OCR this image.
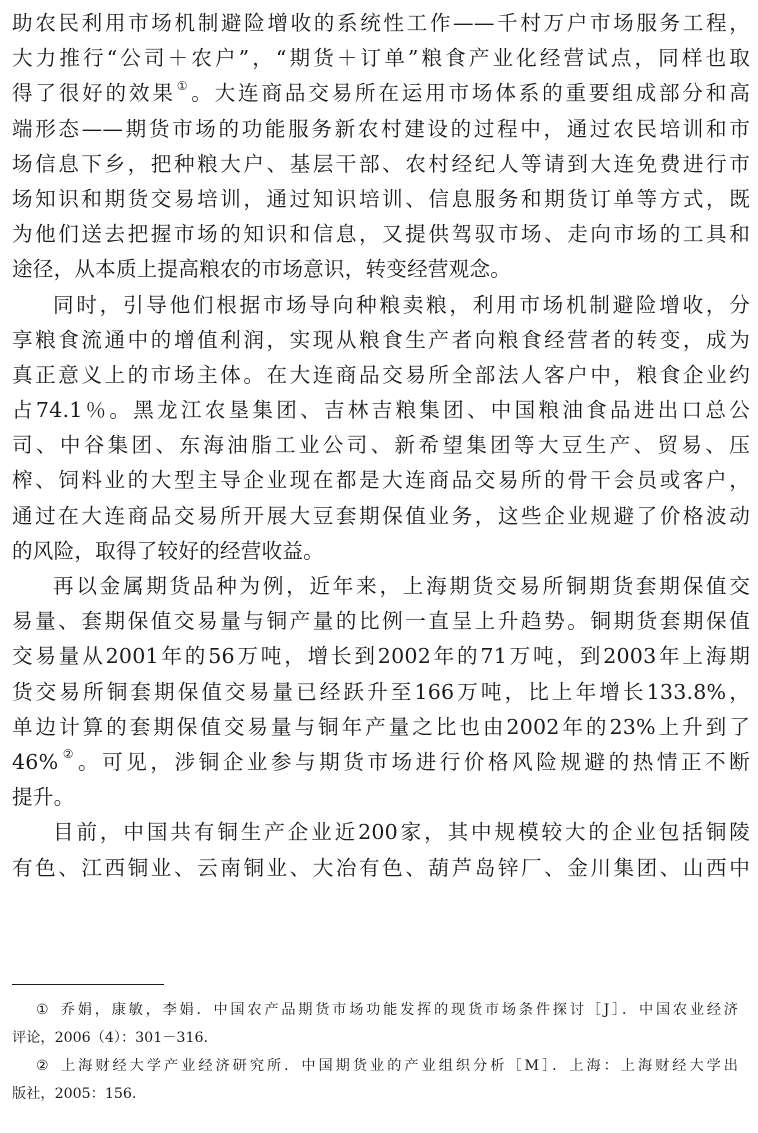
助农民利用市场机制避险增收的系统性工作——千村万户市场服务工程，
大力推行“公司＋农户”，“期货＋订单”粮食产业化经营试点，同样也取
得了很好的效果①。大连商品交易所在运用市场体系的重要组成部分和高
端形态——期货市场的功能服务新农村建设的过程中，通过农民培训和市
场信息下乡，把种粮大户、基层干部、农村经纪人等请到大连免费进行市
场知识和期货交易培训，通过知识培训、信息服务和期货订单等方式，既
为他们送去把握市场的知识和信息，又提供驾驭市场、走向市场的工具和
途径，从本质上提高粮农的市场意识，转变经营观念。
同时，引导他们根据市场导向种粮卖粮，利用市场机制避险增收，分
享粮食流通中的增值利润，实现从粮食生产者向粮食经营者的转变，成为
真正意义上的市场主体。在大连商品交易所全部法人客户中，粮食企业约
占74.1％。黑龙江农垦集团、吉林吉粮集团、中国粮油食品进出口总公
司、中谷集团、东海油脂工业公司、新希望集团等大豆生产、贸易、压
榨、饲料业的大型主导企业现在都是大连商品交易所的骨干会员或客户，
通过在大连商品交易所开展大豆套期保值业务，这些企业规避了价格波动
的风险，取得了较好的经营收益。
再以金属期货品种为例，近年来，上海期货交易所铜期货套期保值交
易量、套期保值交易量与铜产量的比例一直呈上升趋势。铜期货套期保值
交易量从2001年的56万吨，增长到2002年的71万吨，到2003年上海期
货交易所铜套期保值交易量已经跃升至166万吨，比上年增长133.8%，
单边计算的套期保值交易量与铜年产量之比也由2002年的23%上升到了
46%②。可见，涉铜企业参与期货市场进行价格风险规避的热情正不断
提升。
目前，中国共有铜生产企业近200家，其中规模较大的企业包括铜陵
有色、江西铜业、云南铜业、大冶有色、葫芦岛锌厂、金川集团、山西中
① 乔娟，康敏，李娟．中国农产品期货市场功能发挥的现货市场条件探讨［J］．中国农业经济
评论，2006（4）：301－316.
② 上海财经大学产业经济研究所．中国期货业的产业组织分析［M］．上海：上海财经大学出
版社，2005：156.
